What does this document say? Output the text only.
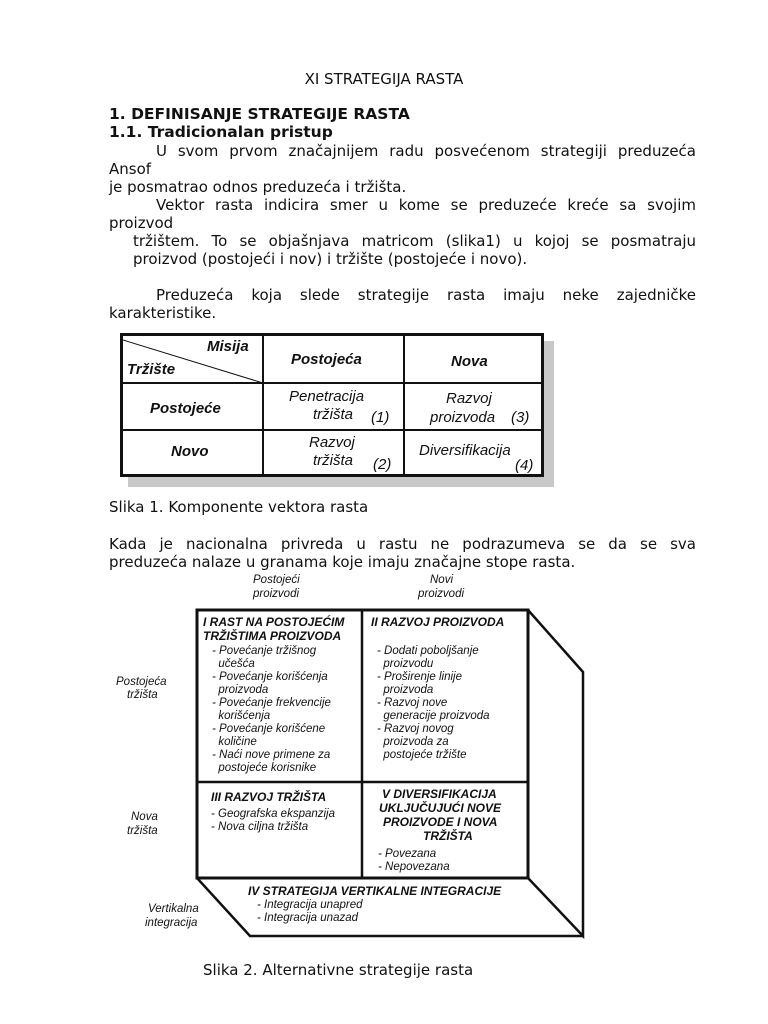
XI STRATEGIJA RASTA
1. DEFINISANJE STRATEGIJE RASTA
1.1. Tradicionalan pristup
U svom prvom značajnijem radu posvećenom strategiji preduzeća
Ansof
je posmatrao odnos preduzeća i tržišta.
Vektor rasta indicira smer u kome se preduzeće kreće sa svojim
proizvod
tržištem. To se objašnjava matricom (slika1) u kojoj se posmatraju
proizvod (postojeći i nov) i tržište (postojeće i novo).
Preduzeća koja slede strategije rasta imaju neke zajedničke
karakteristike.
Misija
Tržište
Postojeća	Nova
Postojeće
Novo
Penetracija
tržišta (1)
Razvoj
proizvoda (3)
Razvoj
tržišta (2)
Diversifikacija
(4)
Slika 1. Komponente vektora rasta
Kada je nacionalna privreda u rastu ne podrazumeva se da se sva
preduzeća nalaze u granama koje imaju značajne stope rasta.
Postojeći
proizvodi
Novi
proizvodi
Postojeća
tržišta
Nova
tržišta
Vertikalna
integracija
I RAST NA POSTOJEĆIM
TRŽIŠTIMA PROIZVODA
- Povećanje tržišnog
učešća
- Povećanje korišćenja
proizvoda
- Povećanje frekvencije
korišćenja
- Povećanje korišćene
količine
- Naći nove primene za
postojeće korisnike
II RAZVOJ PROIZVODA
- Dodati poboljšanje
proizvodu
- Proširenje linije
proizvoda
- Razvoj nove
generacije proizvoda
- Razvoj novog
proizvoda za
postojeće tržište
III RAZVOJ TRŽIŠTA
- Geografska ekspanzija
- Nova ciljna tržišta
V DIVERSIFIKACIJA
UKLJUČUJUĆI NOVE
PROIZVODE I NOVA
TRŽIŠTA
- Povezana
- Nepovezana
IV STRATEGIJA VERTIKALNE INTEGRACIJE
- Integracija unapred
- Integracija unazad
Slika 2. Alternativne strategije rasta
